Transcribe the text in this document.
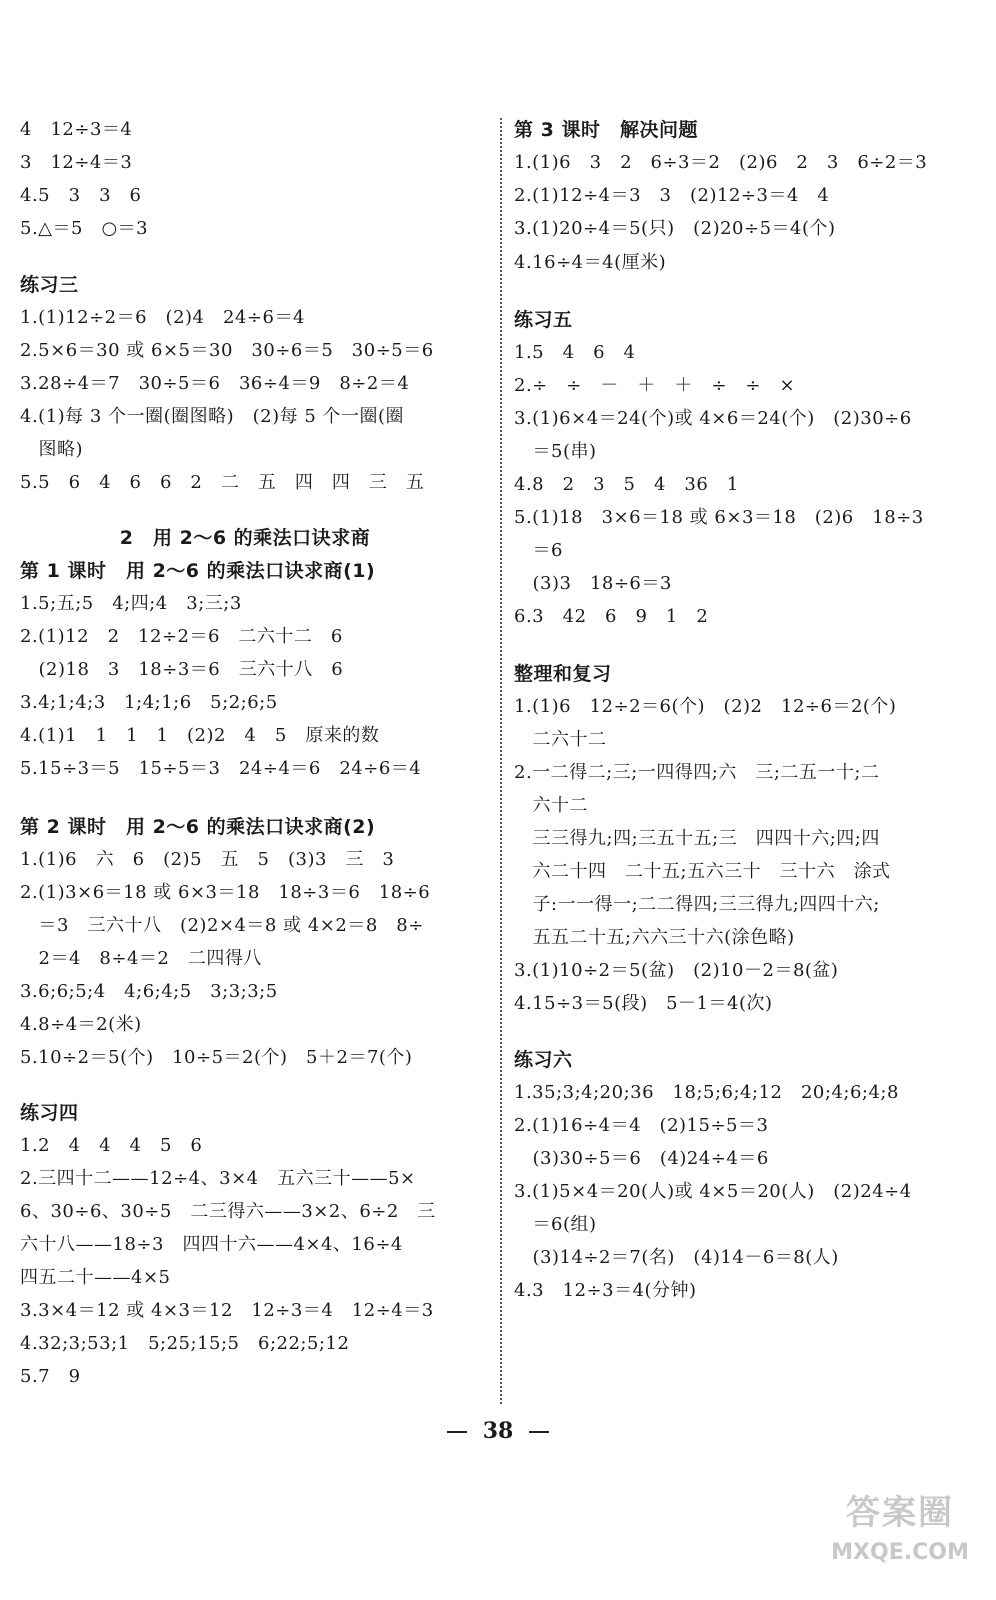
4　12÷3＝4
3　12÷4＝3
4.5　3　3　6
5.△＝5　○＝3
练习三
1.(1)12÷2＝6　(2)4　24÷6＝4
2.5×6＝30 或 6×5＝30　30÷6＝5　30÷5＝6
3.28÷4＝7　30÷5＝6　36÷4＝9　8÷2＝4
4.(1)每 3 个一圈(圈图略)　(2)每 5 个一圈(圈
　图略)
5.5　6　4　6　6　2　二　五　四　四　三　五
2　用 2～6 的乘法口诀求商
第 1 课时　用 2～6 的乘法口诀求商(1)
1.5;五;5　4;四;4　3;三;3
2.(1)12　2　12÷2＝6　二六十二　6
　(2)18　3　18÷3＝6　三六十八　6
3.4;1;4;3　1;4;1;6　5;2;6;5
4.(1)1　1　1　1　(2)2　4　5　原来的数
5.15÷3＝5　15÷5＝3　24÷4＝6　24÷6＝4
第 2 课时　用 2～6 的乘法口诀求商(2)
1.(1)6　六　6　(2)5　五　5　(3)3　三　3
2.(1)3×6＝18 或 6×3＝18　18÷3＝6　18÷6
　＝3　三六十八　(2)2×4＝8 或 4×2＝8　8÷
　2＝4　8÷4＝2　二四得八
3.6;6;5;4　4;6;4;5　3;3;3;5
4.8÷4＝2(米)
5.10÷2＝5(个)　10÷5＝2(个)　5＋2＝7(个)
练习四
1.2　4　4　4　5　6
2.三四十二——12÷4、3×4　五六三十——5×
6、30÷6、30÷5　二三得六——3×2、6÷2　三
六十八——18÷3　四四十六——4×4、16÷4
四五二十——4×5
3.3×4＝12 或 4×3＝12　12÷3＝4　12÷4＝3
4.32;3;53;1　5;25;15;5　6;22;5;12
5.7　9
第 3 课时　解决问题
1.(1)6　3　2　6÷3＝2　(2)6　2　3　6÷2＝3
2.(1)12÷4＝3　3　(2)12÷3＝4　4
3.(1)20÷4＝5(只)　(2)20÷5＝4(个)
4.16÷4＝4(厘米)
练习五
1.5　4　6　4
2.÷　÷　－　＋　＋　÷　÷　×
3.(1)6×4＝24(个)或 4×6＝24(个)　(2)30÷6
　＝5(串)
4.8　2　3　5　4　36　1
5.(1)18　3×6＝18 或 6×3＝18　(2)6　18÷3
　＝6
　(3)3　18÷6＝3
6.3　42　6　9　1　2
整理和复习
1.(1)6　12÷2＝6(个)　(2)2　12÷6＝2(个)
　二六十二
2.一二得二;三;一四得四;六　三;二五一十;二
　六十二
　三三得九;四;三五十五;三　四四十六;四;四
　六二十四　二十五;五六三十　三十六　涂式
　子:一一得一;二二得四;三三得九;四四十六;
　五五二十五;六六三十六(涂色略)
3.(1)10÷2＝5(盆)　(2)10－2＝8(盆)
4.15÷3＝5(段)　5－1＝4(次)
练习六
1.35;3;4;20;36　18;5;6;4;12　20;4;6;4;8
2.(1)16÷4＝4　(2)15÷5＝3
　(3)30÷5＝6　(4)24÷4＝6
3.(1)5×4＝20(人)或 4×5＝20(人)　(2)24÷4
　＝6(组)
　(3)14÷2＝7(名)　(4)14－6＝8(人)
4.3　12÷3＝4(分钟)
38
答案圈
MXQE.COM
